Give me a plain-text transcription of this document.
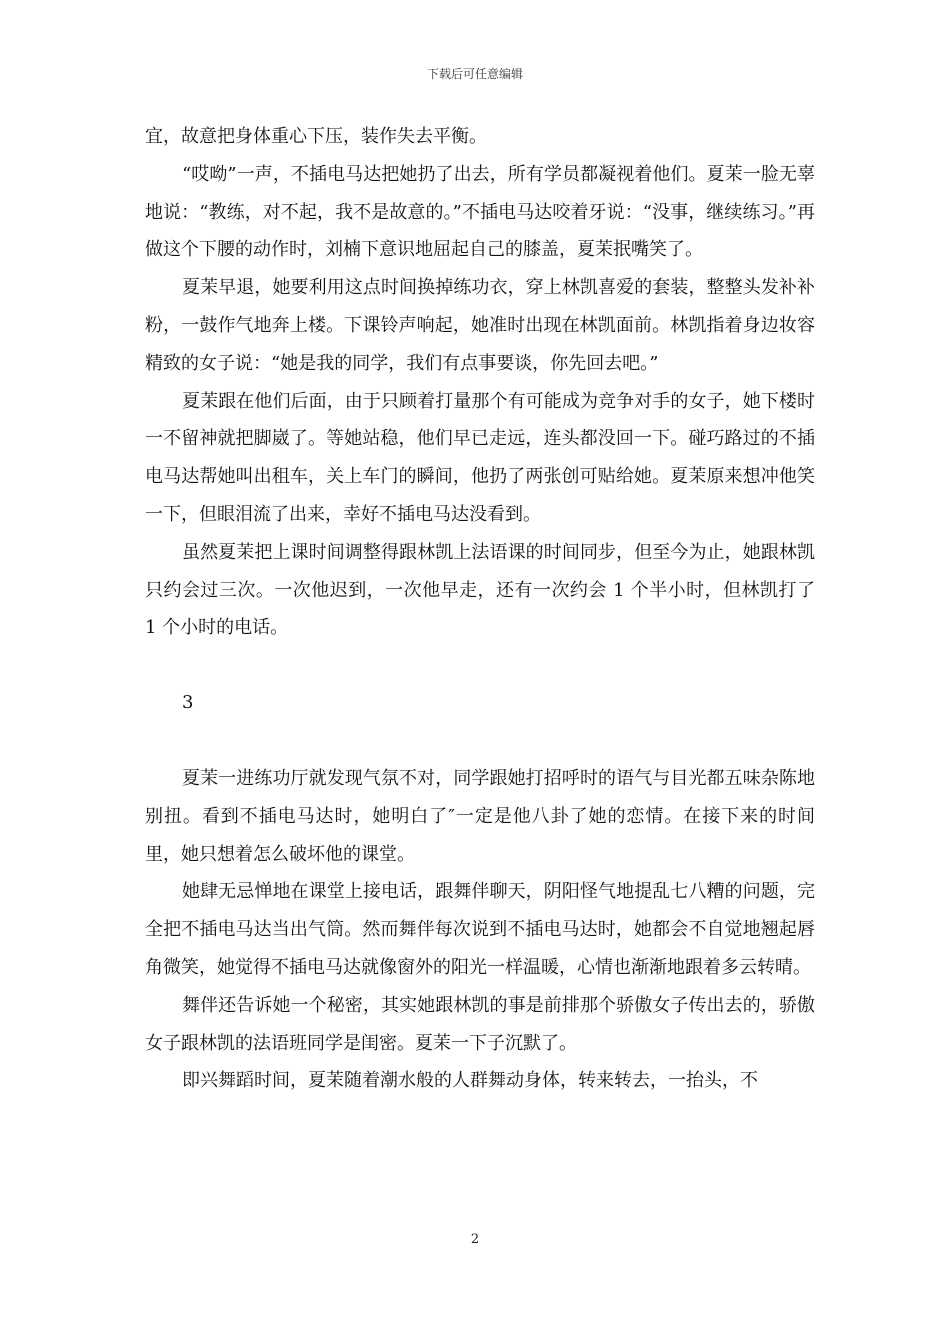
下载后可任意编辑

宜，故意把身体重心下压，装作失去平衡。

“哎呦”一声，不插电马达把她扔了出去，所有学员都凝视着他们。夏茉一脸无辜地说：“教练，对不起，我不是故意的。”不插电马达咬着牙说：“没事，继续练习。”再做这个下腰的动作时，刘楠下意识地屈起自己的膝盖，夏茉抿嘴笑了。

夏茉早退，她要利用这点时间换掉练功衣，穿上林凯喜爱的套装，整整头发补补粉，一鼓作气地奔上楼。下课铃声响起，她准时出现在林凯面前。林凯指着身边妆容精致的女子说：“她是我的同学，我们有点事要谈，你先回去吧。”

夏茉跟在他们后面，由于只顾着打量那个有可能成为竞争对手的女子，她下楼时一不留神就把脚崴了。等她站稳，他们早已走远，连头都没回一下。碰巧路过的不插电马达帮她叫出租车，关上车门的瞬间，他扔了两张创可贴给她。夏茉原来想冲他笑一下，但眼泪流了出来，幸好不插电马达没看到。

虽然夏茉把上课时间调整得跟林凯上法语课的时间同步，但至今为止，她跟林凯只约会过三次。一次他迟到，一次他早走，还有一次约会 1 个半小时，但林凯打了 1 个小时的电话。

3

夏茉一进练功厅就发现气氛不对，同学跟她打招呼时的语气与目光都五味杂陈地别扭。看到不插电马达时，她明白了″一定是他八卦了她的恋情。在接下来的时间里，她只想着怎么破坏他的课堂。

她肆无忌惮地在课堂上接电话，跟舞伴聊天，阴阳怪气地提乱七八糟的问题，完全把不插电马达当出气筒。然而舞伴每次说到不插电马达时，她都会不自觉地翘起唇角微笑，她觉得不插电马达就像窗外的阳光一样温暖，心情也渐渐地跟着多云转晴。

舞伴还告诉她一个秘密，其实她跟林凯的事是前排那个骄傲女子传出去的，骄傲女子跟林凯的法语班同学是闺密。夏茉一下子沉默了。

即兴舞蹈时间，夏茉随着潮水般的人群舞动身体，转来转去，一抬头，不

2
